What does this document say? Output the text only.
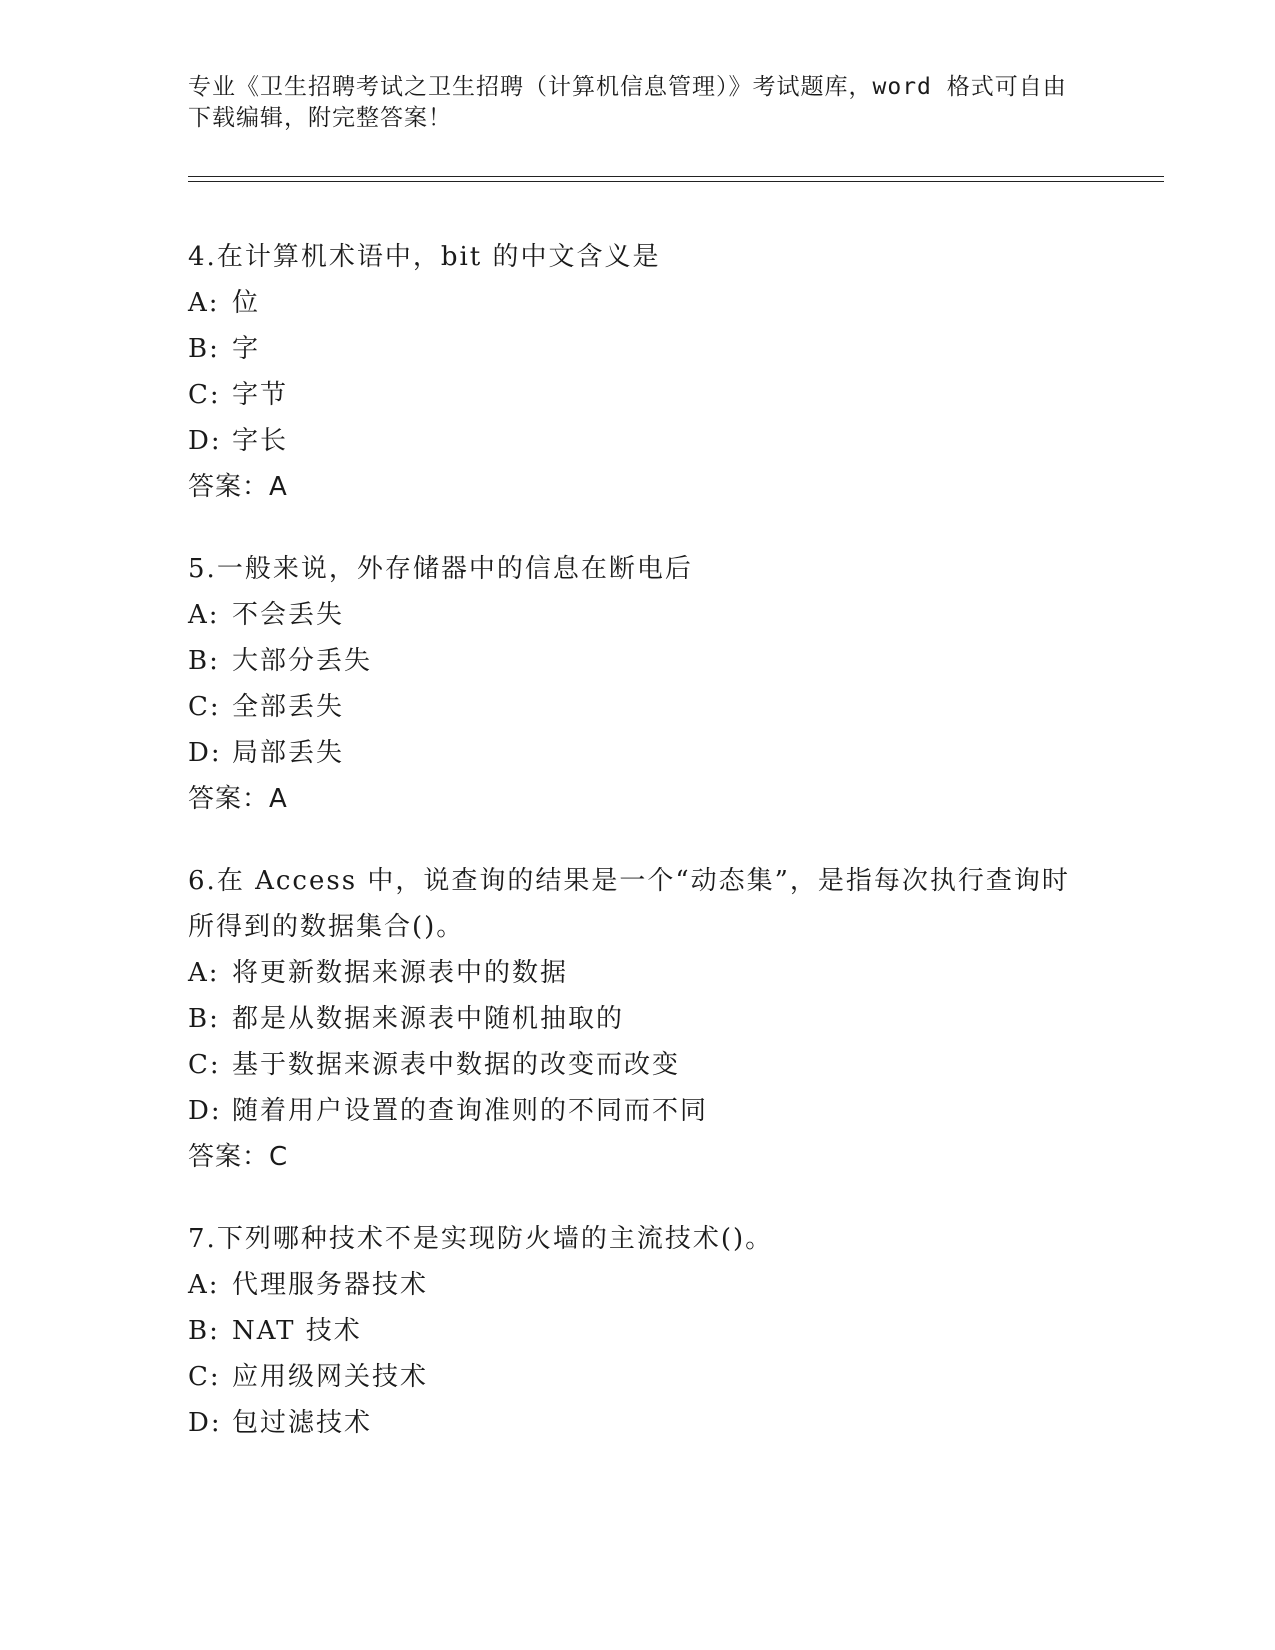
专业《卫生招聘考试之卫生招聘（计算机信息管理）》考试题库，word 格式可自由下载编辑，附完整答案！

4.在计算机术语中，bit 的中文含义是

A: 位
B: 字
C: 字节
D: 字长
答案：A

5.一般来说，外存储器中的信息在断电后

A: 不会丢失
B: 大部分丢失
C: 全部丢失
D: 局部丢失
答案：A

6.在 Access 中，说查询的结果是一个“动态集”，是指每次执行查询时所得到的数据集合()。

A: 将更新数据来源表中的数据
B: 都是从数据来源表中随机抽取的
C: 基于数据来源表中数据的改变而改变
D: 随着用户设置的查询准则的不同而不同
答案：C

7.下列哪种技术不是实现防火墙的主流技术()。

A: 代理服务器技术
B: NAT 技术
C: 应用级网关技术
D: 包过滤技术
